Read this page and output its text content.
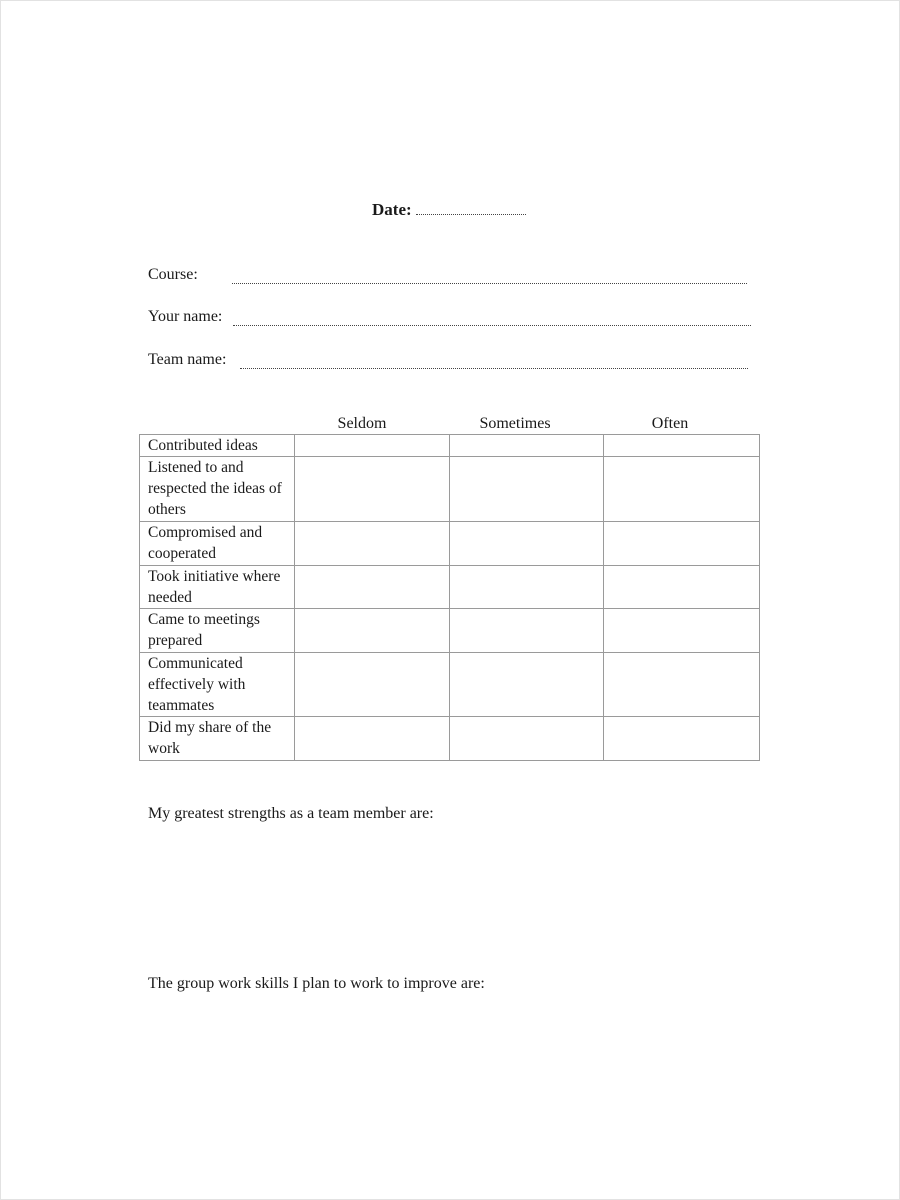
Date:
Course:
Your name:
Team name:
Seldom	Sometimes	Often
Contributed ideas			
Listened to and respected the ideas of others			
Compromised and cooperated			
Took initiative where needed			
Came to meetings prepared			
Communicated effectively with teammates			
Did my share of the work			
My greatest strengths as a team member are:
The group work skills I plan to work to improve are:
